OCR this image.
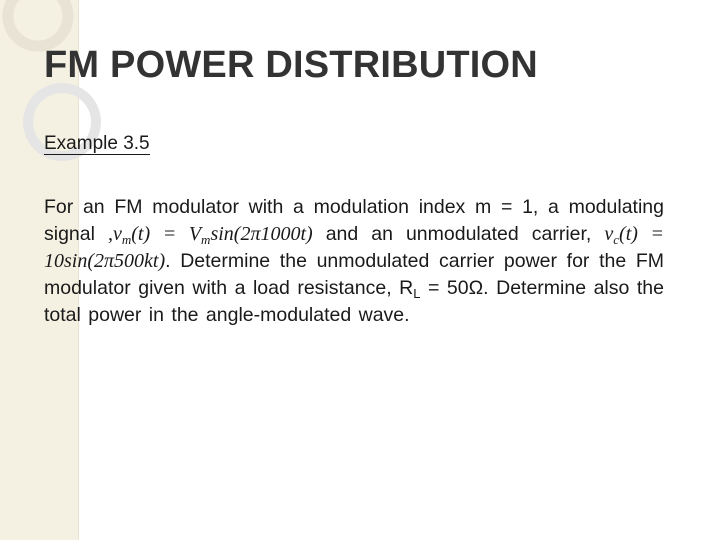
FM POWER DISTRIBUTION
Example 3.5
For an FM modulator with a modulation index m = 1, a modulating signal $,v_m(t) = V_m\sin(2\pi 1000t)$ and an unmodulated carrier, $v_c(t) = 10\sin(2\pi 500kt)$. Determine the unmodulated carrier power for the FM modulator given with a load resistance, $R_L = 50\Omega$. Determine also the total power in the angle-modulated wave.
